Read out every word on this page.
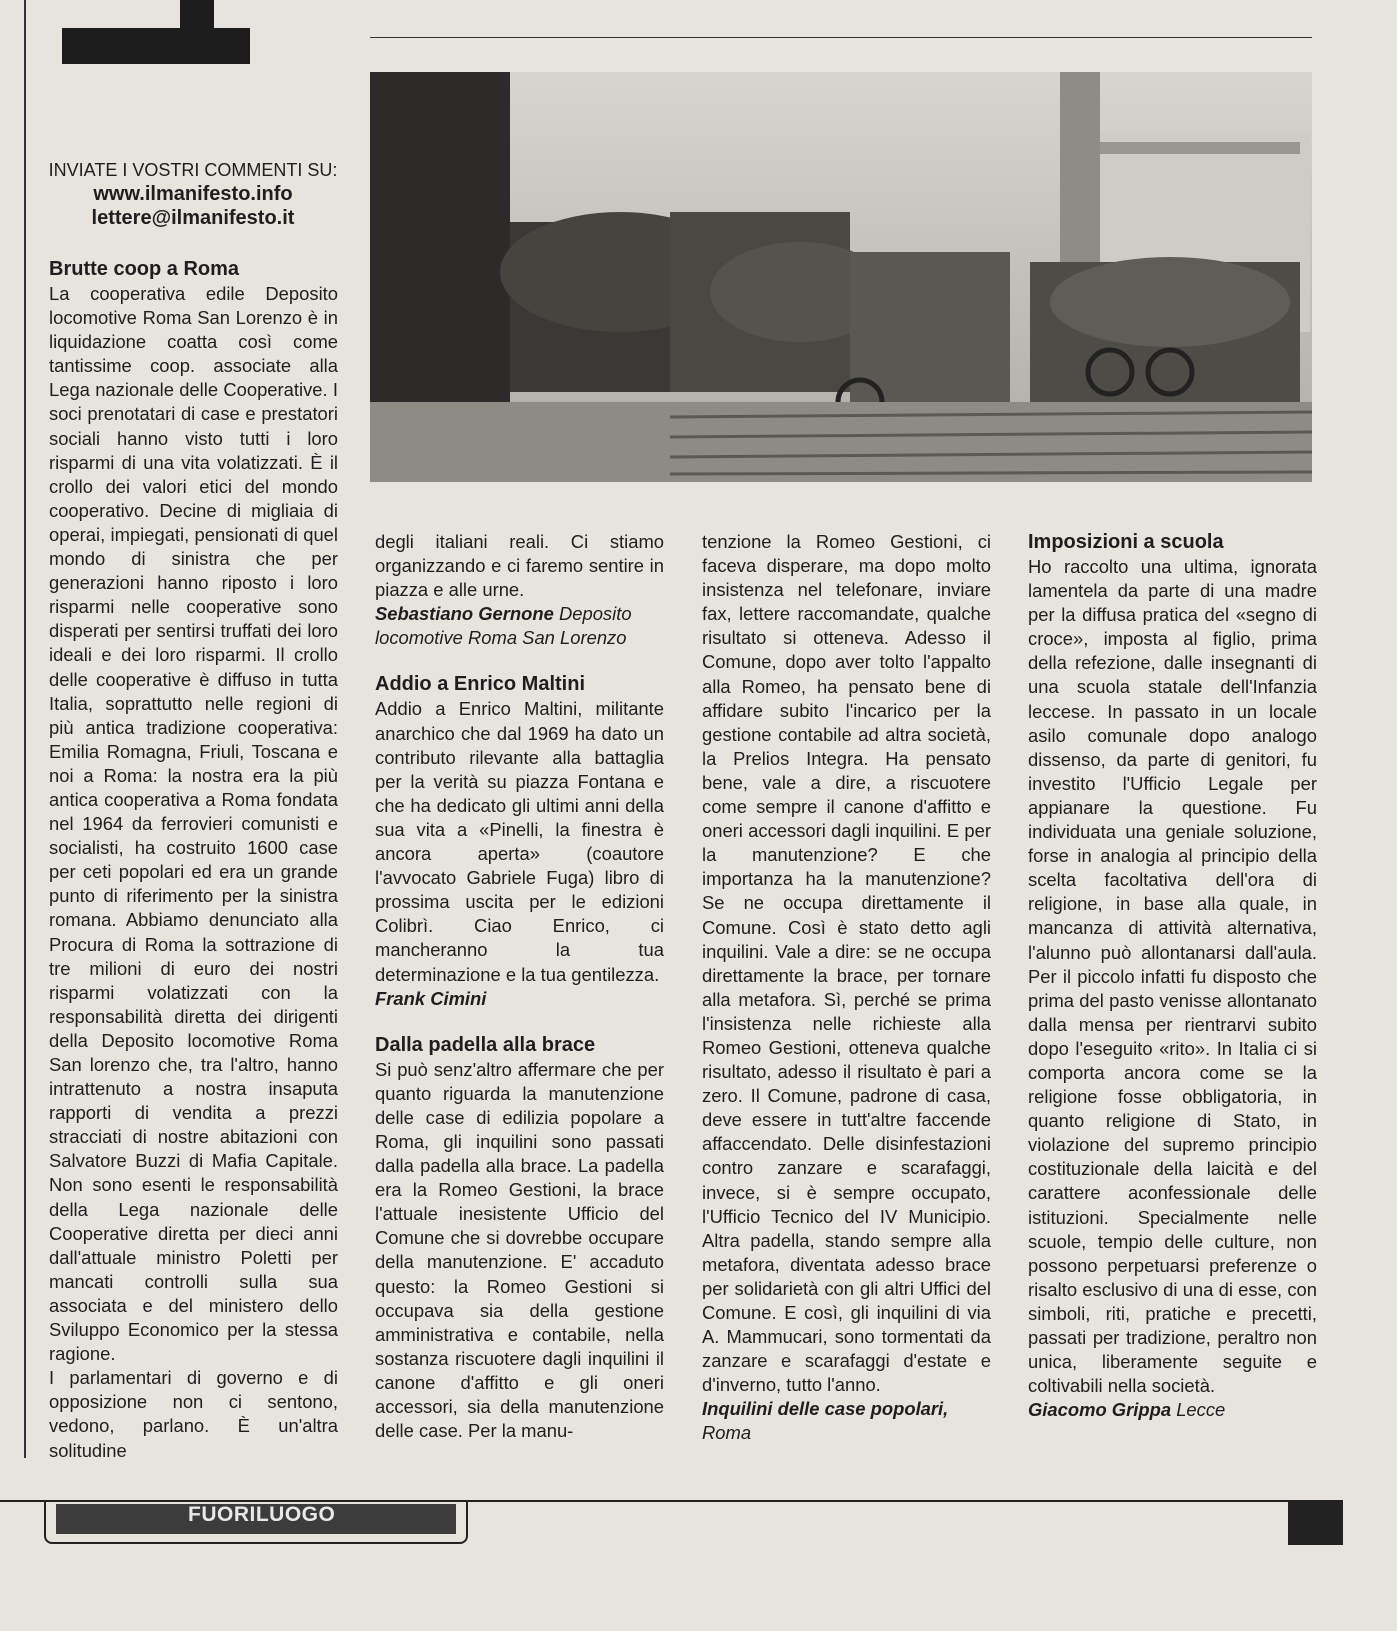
INVIATE I VOSTRI COMMENTI SU:
www.ilmanifesto.info
lettere@ilmanifesto.it
Brutte coop a Roma

La cooperativa edile Deposito locomotive Roma San Lorenzo è in liquidazione coatta così come tantissime coop. associate alla Lega nazionale delle Cooperative. I soci prenotatari di case e prestatori sociali hanno visto tutti i loro risparmi di una vita volatizzati. È il crollo dei valori etici del mondo cooperativo. Decine di migliaia di operai, impiegati, pensionati di quel mondo di sinistra che per generazioni hanno riposto i loro risparmi nelle cooperative sono disperati per sentirsi truffati dei loro ideali e dei loro risparmi. Il crollo delle cooperative è diffuso in tutta Italia, soprattutto nelle regioni di più antica tradizione cooperativa: Emilia Romagna, Friuli, Toscana e noi a Roma: la nostra era la più antica cooperativa a Roma fondata nel 1964 da ferrovieri comunisti e socialisti, ha costruito 1600 case per ceti popolari ed era un grande punto di riferimento per la sinistra romana. Abbiamo denunciato alla Procura di Roma la sottrazione di tre milioni di euro dei nostri risparmi volatizzati con la responsabilità diretta dei dirigenti della Deposito locomotive Roma San lorenzo che, tra l'altro, hanno intrattenuto a nostra insaputa rapporti di vendita a prezzi stracciati di nostre abitazioni con Salvatore Buzzi di Mafia Capitale. Non sono esenti le responsabilità della Lega nazionale delle Cooperative diretta per dieci anni dall'attuale ministro Poletti per mancati controlli sulla sua associata e del ministero dello Sviluppo Economico per la stessa ragione.

I parlamentari di governo e di opposizione non ci sentono, vedono, parlano. È un'altra solitudine

degli italiani reali. Ci stiamo organizzando e ci faremo sentire in piazza e alle urne.

Sebastiano Gernone Deposito locomotive Roma San Lorenzo

Addio a Enrico Maltini

Addio a Enrico Maltini, militante anarchico che dal 1969 ha dato un contributo rilevante alla battaglia per la verità su piazza Fontana e che ha dedicato gli ultimi anni della sua vita a «Pinelli, la finestra è ancora aperta» (coautore l'avvocato Gabriele Fuga) libro di prossima uscita per le edizioni Colibrì. Ciao Enrico, ci mancheranno la tua determinazione e la tua gentilezza.

Frank Cimini

Dalla padella alla brace

Si può senz'altro affermare che per quanto riguarda la manutenzione delle case di edilizia popolare a Roma, gli inquilini sono passati dalla padella alla brace. La padella era la Romeo Gestioni, la brace l'attuale inesistente Ufficio del Comune che si dovrebbe occupare della manutenzione. E' accaduto questo: la Romeo Gestioni si occupava sia della gestione amministrativa e contabile, nella sostanza riscuotere dagli inquilini il canone d'affitto e gli oneri accessori, sia della manutenzione delle case. Per la manu-

tenzione la Romeo Gestioni, ci faceva disperare, ma dopo molto insistenza nel telefonare, inviare fax, lettere raccomandate, qualche risultato si otteneva. Adesso il Comune, dopo aver tolto l'appalto alla Romeo, ha pensato bene di affidare subito l'incarico per la gestione contabile ad altra società, la Prelios Integra. Ha pensato bene, vale a dire, a riscuotere come sempre il canone d'affitto e oneri accessori dagli inquilini. E per la manutenzione? E che importanza ha la manutenzione? Se ne occupa direttamente il Comune. Così è stato detto agli inquilini. Vale a dire: se ne occupa direttamente la brace, per tornare alla metafora. Sì, perché se prima l'insistenza nelle richieste alla Romeo Gestioni, otteneva qualche risultato, adesso il risultato è pari a zero. Il Comune, padrone di casa, deve essere in tutt'altre faccende affaccendato. Delle disinfestazioni contro zanzare e scarafaggi, invece, si è sempre occupato, l'Ufficio Tecnico del IV Municipio. Altra padella, stando sempre alla metafora, diventata adesso brace per solidarietà con gli altri Uffici del Comune. E così, gli inquilini di via A. Mammucari, sono tormentati da zanzare e scarafaggi d'estate e d'inverno, tutto l'anno.

Inquilini delle case popolari,
Roma

Imposizioni a scuola

Ho raccolto una ultima, ignorata lamentela da parte di una madre per la diffusa pratica del «segno di croce», imposta al figlio, prima della refezione, dalle insegnanti di una scuola statale dell'Infanzia leccese. In passato in un locale asilo comunale dopo analogo dissenso, da parte di genitori, fu investito l'Ufficio Legale per appianare la questione. Fu individuata una geniale soluzione, forse in analogia al principio della scelta facoltativa dell'ora di religione, in base alla quale, in mancanza di attività alternativa, l'alunno può allontanarsi dall'aula. Per il piccolo infatti fu disposto che prima del pasto venisse allontanato dalla mensa per rientrarvi subito dopo l'eseguito «rito». In Italia ci si comporta ancora come se la religione fosse obbligatoria, in quanto religione di Stato, in violazione del supremo principio costituzionale della laicità e del carattere aconfessionale delle istituzioni. Specialmente nelle scuole, tempio delle culture, non possono perpetuarsi preferenze o risalto esclusivo di una di esse, con simboli, riti, pratiche e precetti, passati per tradizione, peraltro non unica, liberamente seguite e coltivabili nella società.

Giacomo Grippa Lecce

FUORILUOGO
